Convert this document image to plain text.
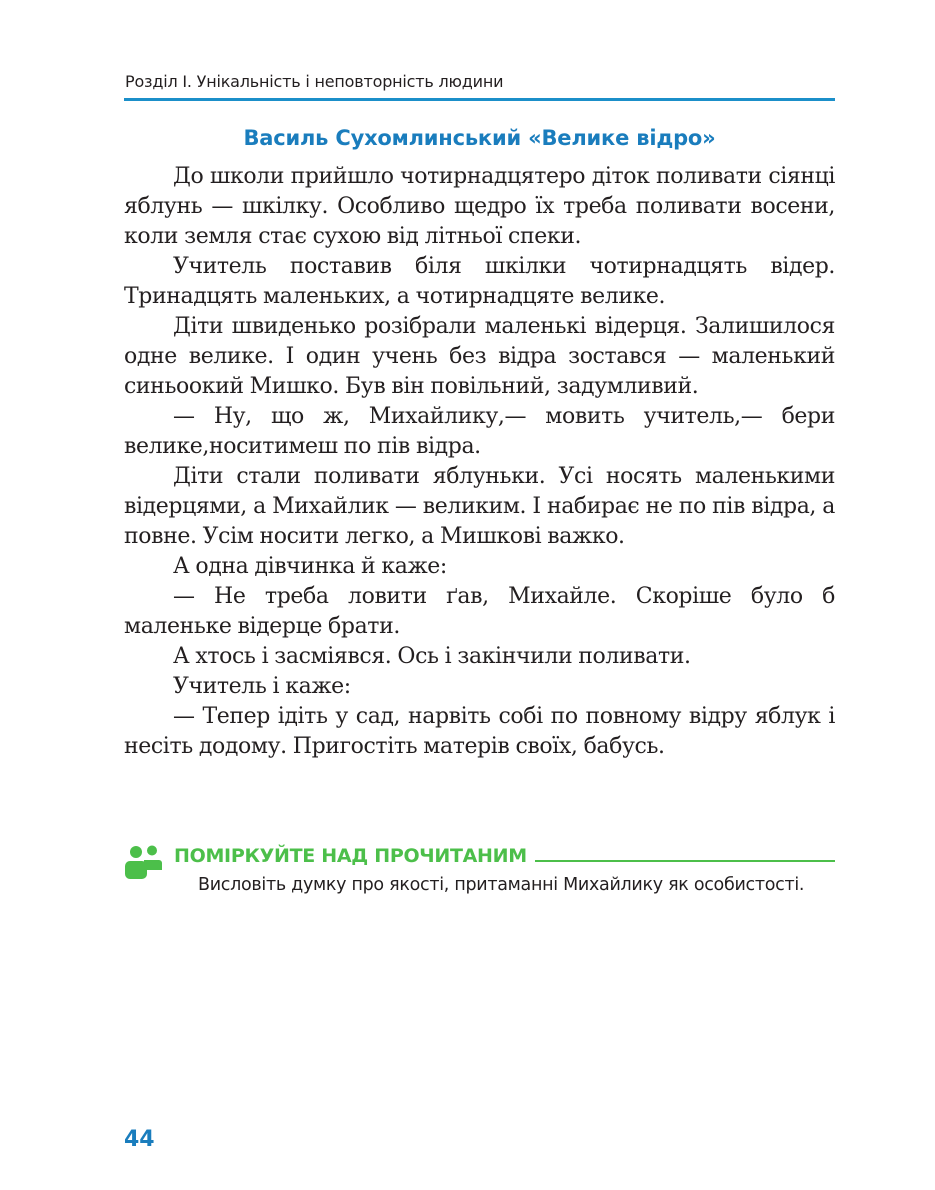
Розділ І. Унікальність і неповторність людини
Василь Сухомлинський «Велике відро»

До школи прийшло чотирнадцятеро діток поливати сіянці яблунь — шкілку. Особливо щедро їх треба поливати восени, коли земля стає сухою від літньої спеки.

Учитель поставив біля шкілки чотирнадцять відер. Тринадцять маленьких, а чотирнадцяте велике.

Діти швиденько розібрали маленькі відерця. Залишилося одне велике. І один учень без відра зостався — маленький синьоокий Мишко. Був він повільний, задумливий.

— Ну, що ж, Михайлику,— мовить учитель,— бери велике,носитимеш по пів відра.

Діти стали поливати яблуньки. Усі носять маленькими відерцями, а Михайлик — великим. І набирає не по пів відра, а повне. Усім носити легко, а Мишкові важко.

А одна дівчинка й каже:

— Не треба ловити ґав, Михайле. Скоріше було б маленьке відерце брати.

А хтось і засміявся. Ось і закінчили поливати.

Учитель і каже:

— Тепер ідіть у сад, нарвіть собі по повному відру яблук і несіть додому. Пригостіть матерів своїх, бабусь.

ПОМІРКУЙТЕ НАД ПРОЧИТАНИМ
Висловіть думку про якості, притаманні Михайлику як особистості.
44
